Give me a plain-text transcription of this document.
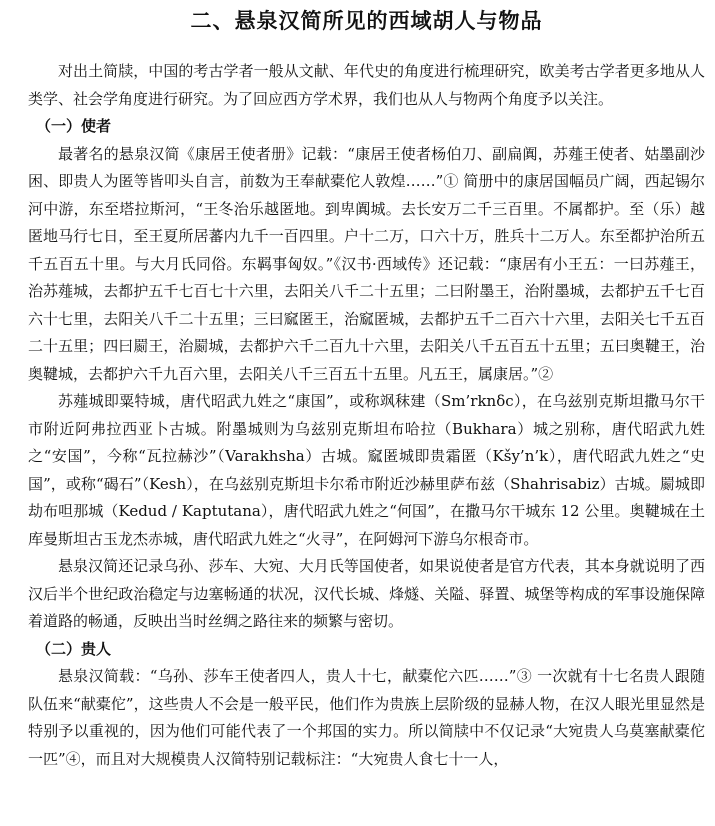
二、悬泉汉简所见的西域胡人与物品

对出土简牍，中国的考古学者一般从文献、年代史的角度进行梳理研究，欧美考古学者更多地从人类学、社会学角度进行研究。为了回应西方学术界，我们也从人与物两个角度予以关注。

（一）使者

最著名的悬泉汉简《康居王使者册》记载：“康居王使者杨伯刀、副扁阗，苏薤王使者、姑墨副沙困、即贵人为匿等皆叩头自言，前数为王奉献橐佗人敦煌……”① 简册中的康居国幅员广阔，西起锡尔河中游，东至塔拉斯河，“王冬治乐越匿地。到卑阗城。去长安万二千三百里。不属都护。至（乐）越匿地马行七日，至王夏所居蕃内九千一百四里。户十二万，口六十万，胜兵十二万人。东至都护治所五千五百五十里。与大月氏同俗。东羁事匈奴。”《汉书·西域传》还记载：“康居有小王五：一曰苏薤王，治苏薤城，去都护五千七百七十六里，去阳关八千二十五里；二曰附墨王，治附墨城，去都护五千七百六十七里，去阳关八千二十五里；三曰窳匿王，治窳匿城，去都护五千二百六十六里，去阳关七千五百二十五里；四曰罽王，治罽城，去都护六千二百九十六里，去阳关八千五百五十五里；五曰奥鞬王，治奥鞬城，去都护六千九百六里，去阳关八千三百五十五里。凡五王，属康居。”②

苏薤城即粟特城，唐代昭武九姓之“康国”，或称飒秣建（Sm’rknδc），在乌兹别克斯坦撒马尔干市附近阿弗拉西亚卜古城。附墨城则为乌兹别克斯坦布哈拉（Bukhara）城之别称，唐代昭武九姓之“安国”，今称“瓦拉赫沙”（Varakhsha）古城。窳匿城即贵霜匿（Kšy’n’k），唐代昭武九姓之“史国”，或称“碣石”（Kesh），在乌兹别克斯坦卡尔希市附近沙赫里萨布兹（Shahrisabiz）古城。罽城即劫布呾那城（Kedud / Kaptutana），唐代昭武九姓之“何国”，在撒马尔干城东 12 公里。奥鞬城在土库曼斯坦古玉龙杰赤城，唐代昭武九姓之“火寻”，在阿姆河下游乌尔根奇市。

悬泉汉简还记录乌孙、莎车、大宛、大月氏等国使者，如果说使者是官方代表，其本身就说明了西汉后半个世纪政治稳定与边塞畅通的状况，汉代长城、烽燧、关隘、驿置、城堡等构成的军事设施保障着道路的畅通，反映出当时丝绸之路往来的频繁与密切。

（二）贵人

悬泉汉简载：“乌孙、莎车王使者四人，贵人十七，献橐佗六匹……”③ 一次就有十七名贵人跟随队伍来“献橐佗”，这些贵人不会是一般平民，他们作为贵族上层阶级的显赫人物，在汉人眼光里显然是特别予以重视的，因为他们可能代表了一个邦国的实力。所以简牍中不仅记录“大宛贵人乌莫塞献橐佗一匹”④，而且对大规模贵人汉简特别记载标注：“大宛贵人食七十一人，
